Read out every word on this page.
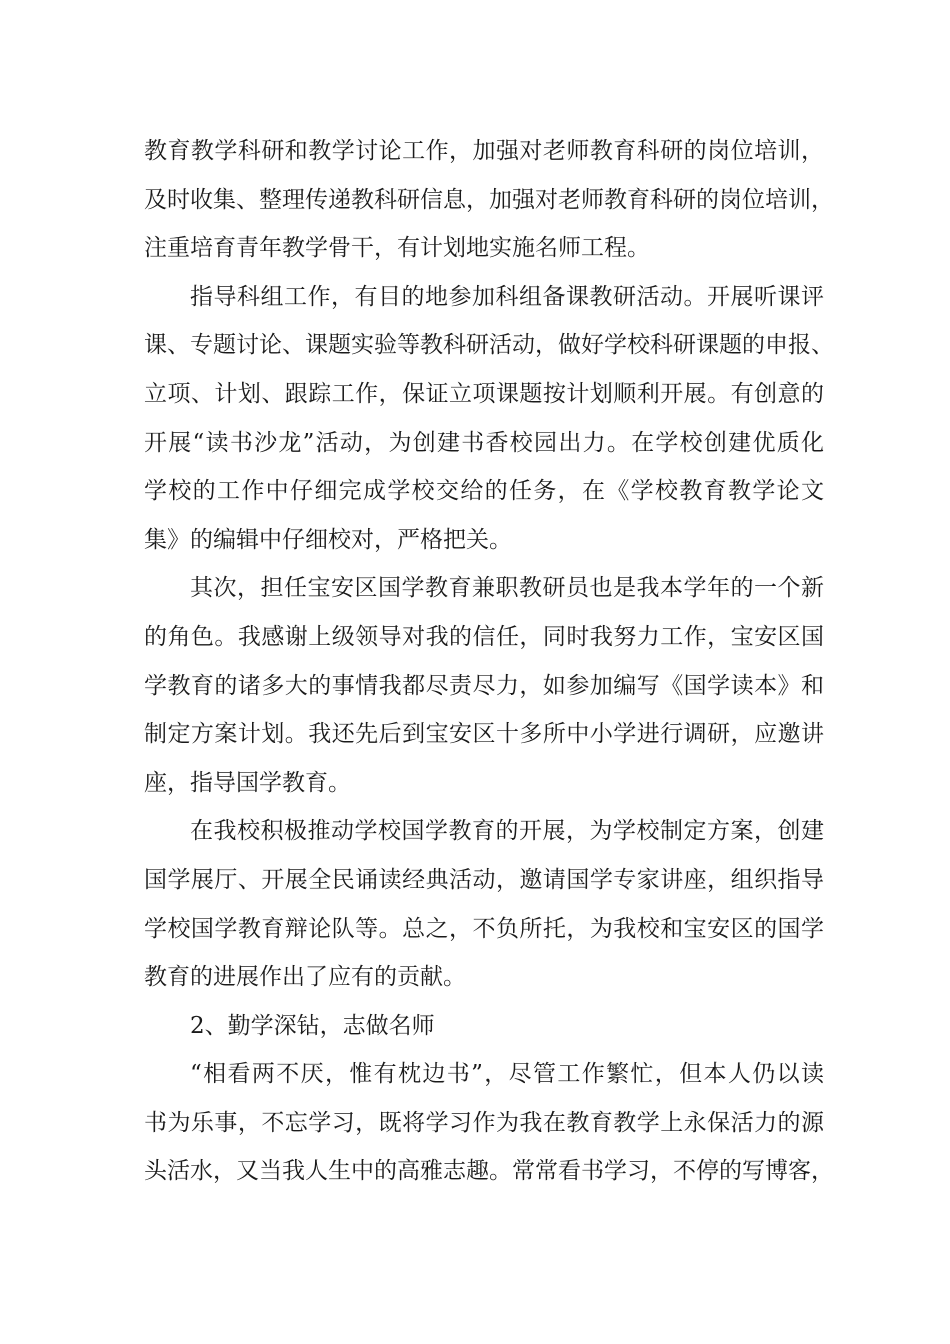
教育教学科研和教学讨论工作，加强对老师教育科研的岗位培训，
及时收集、整理传递教科研信息，加强对老师教育科研的岗位培训，
注重培育青年教学骨干，有计划地实施名师工程。

指导科组工作，有目的地参加科组备课教研活动。开展听课评
课、专题讨论、课题实验等教科研活动，做好学校科研课题的申报、
立项、计划、跟踪工作，保证立项课题按计划顺利开展。有创意的
开展“读书沙龙”活动，为创建书香校园出力。在学校创建优质化
学校的工作中仔细完成学校交给的任务，在《学校教育教学论文
集》的编辑中仔细校对，严格把关。

其次，担任宝安区国学教育兼职教研员也是我本学年的一个新
的角色。我感谢上级领导对我的信任，同时我努力工作，宝安区国
学教育的诸多大的事情我都尽责尽力，如参加编写《国学读本》和
制定方案计划。我还先后到宝安区十多所中小学进行调研，应邀讲
座，指导国学教育。

在我校积极推动学校国学教育的开展，为学校制定方案，创建
国学展厅、开展全民诵读经典活动，邀请国学专家讲座，组织指导
学校国学教育辩论队等。总之，不负所托，为我校和宝安区的国学
教育的进展作出了应有的贡献。

2、勤学深钻，志做名师

“相看两不厌，惟有枕边书”，尽管工作繁忙，但本人仍以读
书为乐事，不忘学习，既将学习作为我在教育教学上永保活力的源
头活水，又当我人生中的高雅志趣。常常看书学习，不停的写博客，
